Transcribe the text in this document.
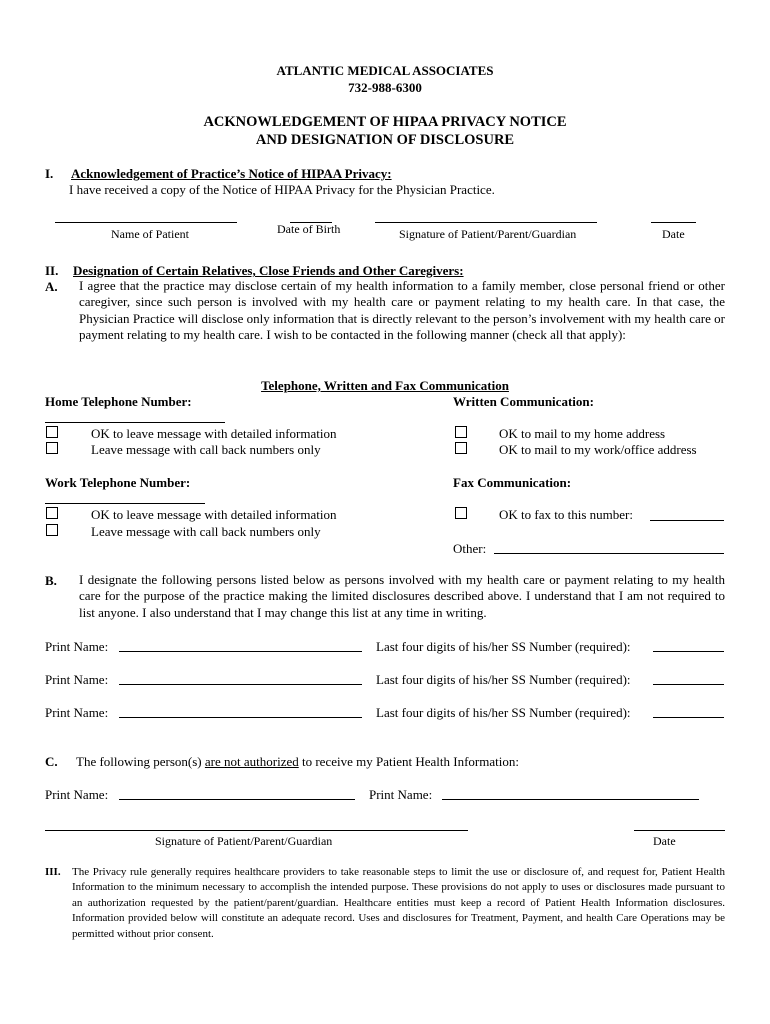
ATLANTIC MEDICAL ASSOCIATES
732-988-6300
ACKNOWLEDGEMENT OF HIPAA PRIVACY NOTICE
AND DESIGNATION OF DISCLOSURE
I. Acknowledgement of Practice’s Notice of HIPAA Privacy:
I have received a copy of the Notice of HIPAA Privacy for the Physician Practice.
Name of Patient	Date of Birth	Signature of Patient/Parent/Guardian	Date
II. Designation of Certain Relatives, Close Friends and Other Caregivers:
A. I agree that the practice may disclose certain of my health information to a family member, close personal friend or other caregiver, since such person is involved with my health care or payment relating to my health care. In that case, the Physician Practice will disclose only information that is directly relevant to the person’s involvement with my health care or payment relating to my health care. I wish to be contacted in the following manner (check all that apply):
Telephone, Written and Fax Communication
Home Telephone Number:
OK to leave message with detailed information
Leave message with call back numbers only
Written Communication:
OK to mail to my home address
OK to mail to my work/office address
Work Telephone Number:
OK to leave message with detailed information
Leave message with call back numbers only
Fax Communication:
OK to fax to this number:
Other:
B. I designate the following persons listed below as persons involved with my health care or payment relating to my health care for the purpose of the practice making the limited disclosures described above. I understand that I am not required to list anyone. I also understand that I may change this list at any time in writing.
Print Name:	Last four digits of his/her SS Number (required):
Print Name:	Last four digits of his/her SS Number (required):
Print Name:	Last four digits of his/her SS Number (required):
C. The following person(s) are not authorized to receive my Patient Health Information:
Print Name:	Print Name:
Signature of Patient/Parent/Guardian	Date
III. The Privacy rule generally requires healthcare providers to take reasonable steps to limit the use or disclosure of, and request for, Patient Health Information to the minimum necessary to accomplish the intended purpose. These provisions do not apply to uses or disclosures made pursuant to an authorization requested by the patient/parent/guardian. Healthcare entities must keep a record of Patient Health Information disclosures. Information provided below will constitute an adequate record. Uses and disclosures for Treatment, Payment, and health Care Operations may be permitted without prior consent.
